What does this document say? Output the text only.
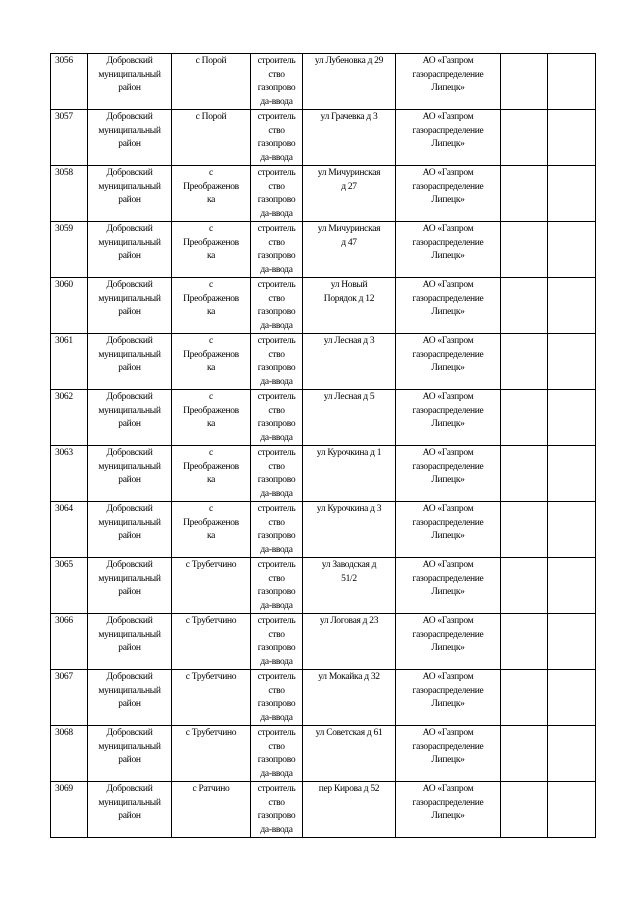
3056	Добровский
муниципальный
район	с Порой	строитель
ство
газопрово
да-ввода	ул Лубеновка д 29	АО «Газпром
газораспределение
Липецк»		

3057	Добровский
муниципальный
район	с Порой	строитель
ство
газопрово
да-ввода	ул Грачевка д 3	АО «Газпром
газораспределение
Липецк»		

3058	Добровский
муниципальный
район	с
Преображенов
ка	строитель
ство
газопрово
да-ввода	ул Мичуринская
д 27	АО «Газпром
газораспределение
Липецк»		

3059	Добровский
муниципальный
район	с
Преображенов
ка	строитель
ство
газопрово
да-ввода	ул Мичуринская
д 47	АО «Газпром
газораспределение
Липецк»		

3060	Добровский
муниципальный
район	с
Преображенов
ка	строитель
ство
газопрово
да-ввода	ул Новый
Порядок д 12	АО «Газпром
газораспределение
Липецк»		

3061	Добровский
муниципальный
район	с
Преображенов
ка	строитель
ство
газопрово
да-ввода	ул Лесная д 3	АО «Газпром
газораспределение
Липецк»		

3062	Добровский
муниципальный
район	с
Преображенов
ка	строитель
ство
газопрово
да-ввода	ул Лесная д 5	АО «Газпром
газораспределение
Липецк»		

3063	Добровский
муниципальный
район	с
Преображенов
ка	строитель
ство
газопрово
да-ввода	ул Курочкина д 1	АО «Газпром
газораспределение
Липецк»		

3064	Добровский
муниципальный
район	с
Преображенов
ка	строитель
ство
газопрово
да-ввода	ул Курочкина д 3	АО «Газпром
газораспределение
Липецк»		

3065	Добровский
муниципальный
район	с Трубетчино	строитель
ство
газопрово
да-ввода	ул Заводская д
51/2	АО «Газпром
газораспределение
Липецк»		

3066	Добровский
муниципальный
район	с Трубетчино	строитель
ство
газопрово
да-ввода	ул Логовая д 23	АО «Газпром
газораспределение
Липецк»		

3067	Добровский
муниципальный
район	с Трубетчино	строитель
ство
газопрово
да-ввода	ул Мокайка д 32	АО «Газпром
газораспределение
Липецк»		

3068	Добровский
муниципальный
район	с Трубетчино	строитель
ство
газопрово
да-ввода	ул Советская д 61	АО «Газпром
газораспределение
Липецк»		

3069	Добровский
муниципальный
район	с Ратчино	строитель
ство
газопрово
да-ввода	пер Кирова д 52	АО «Газпром
газораспределение
Липецк»		
